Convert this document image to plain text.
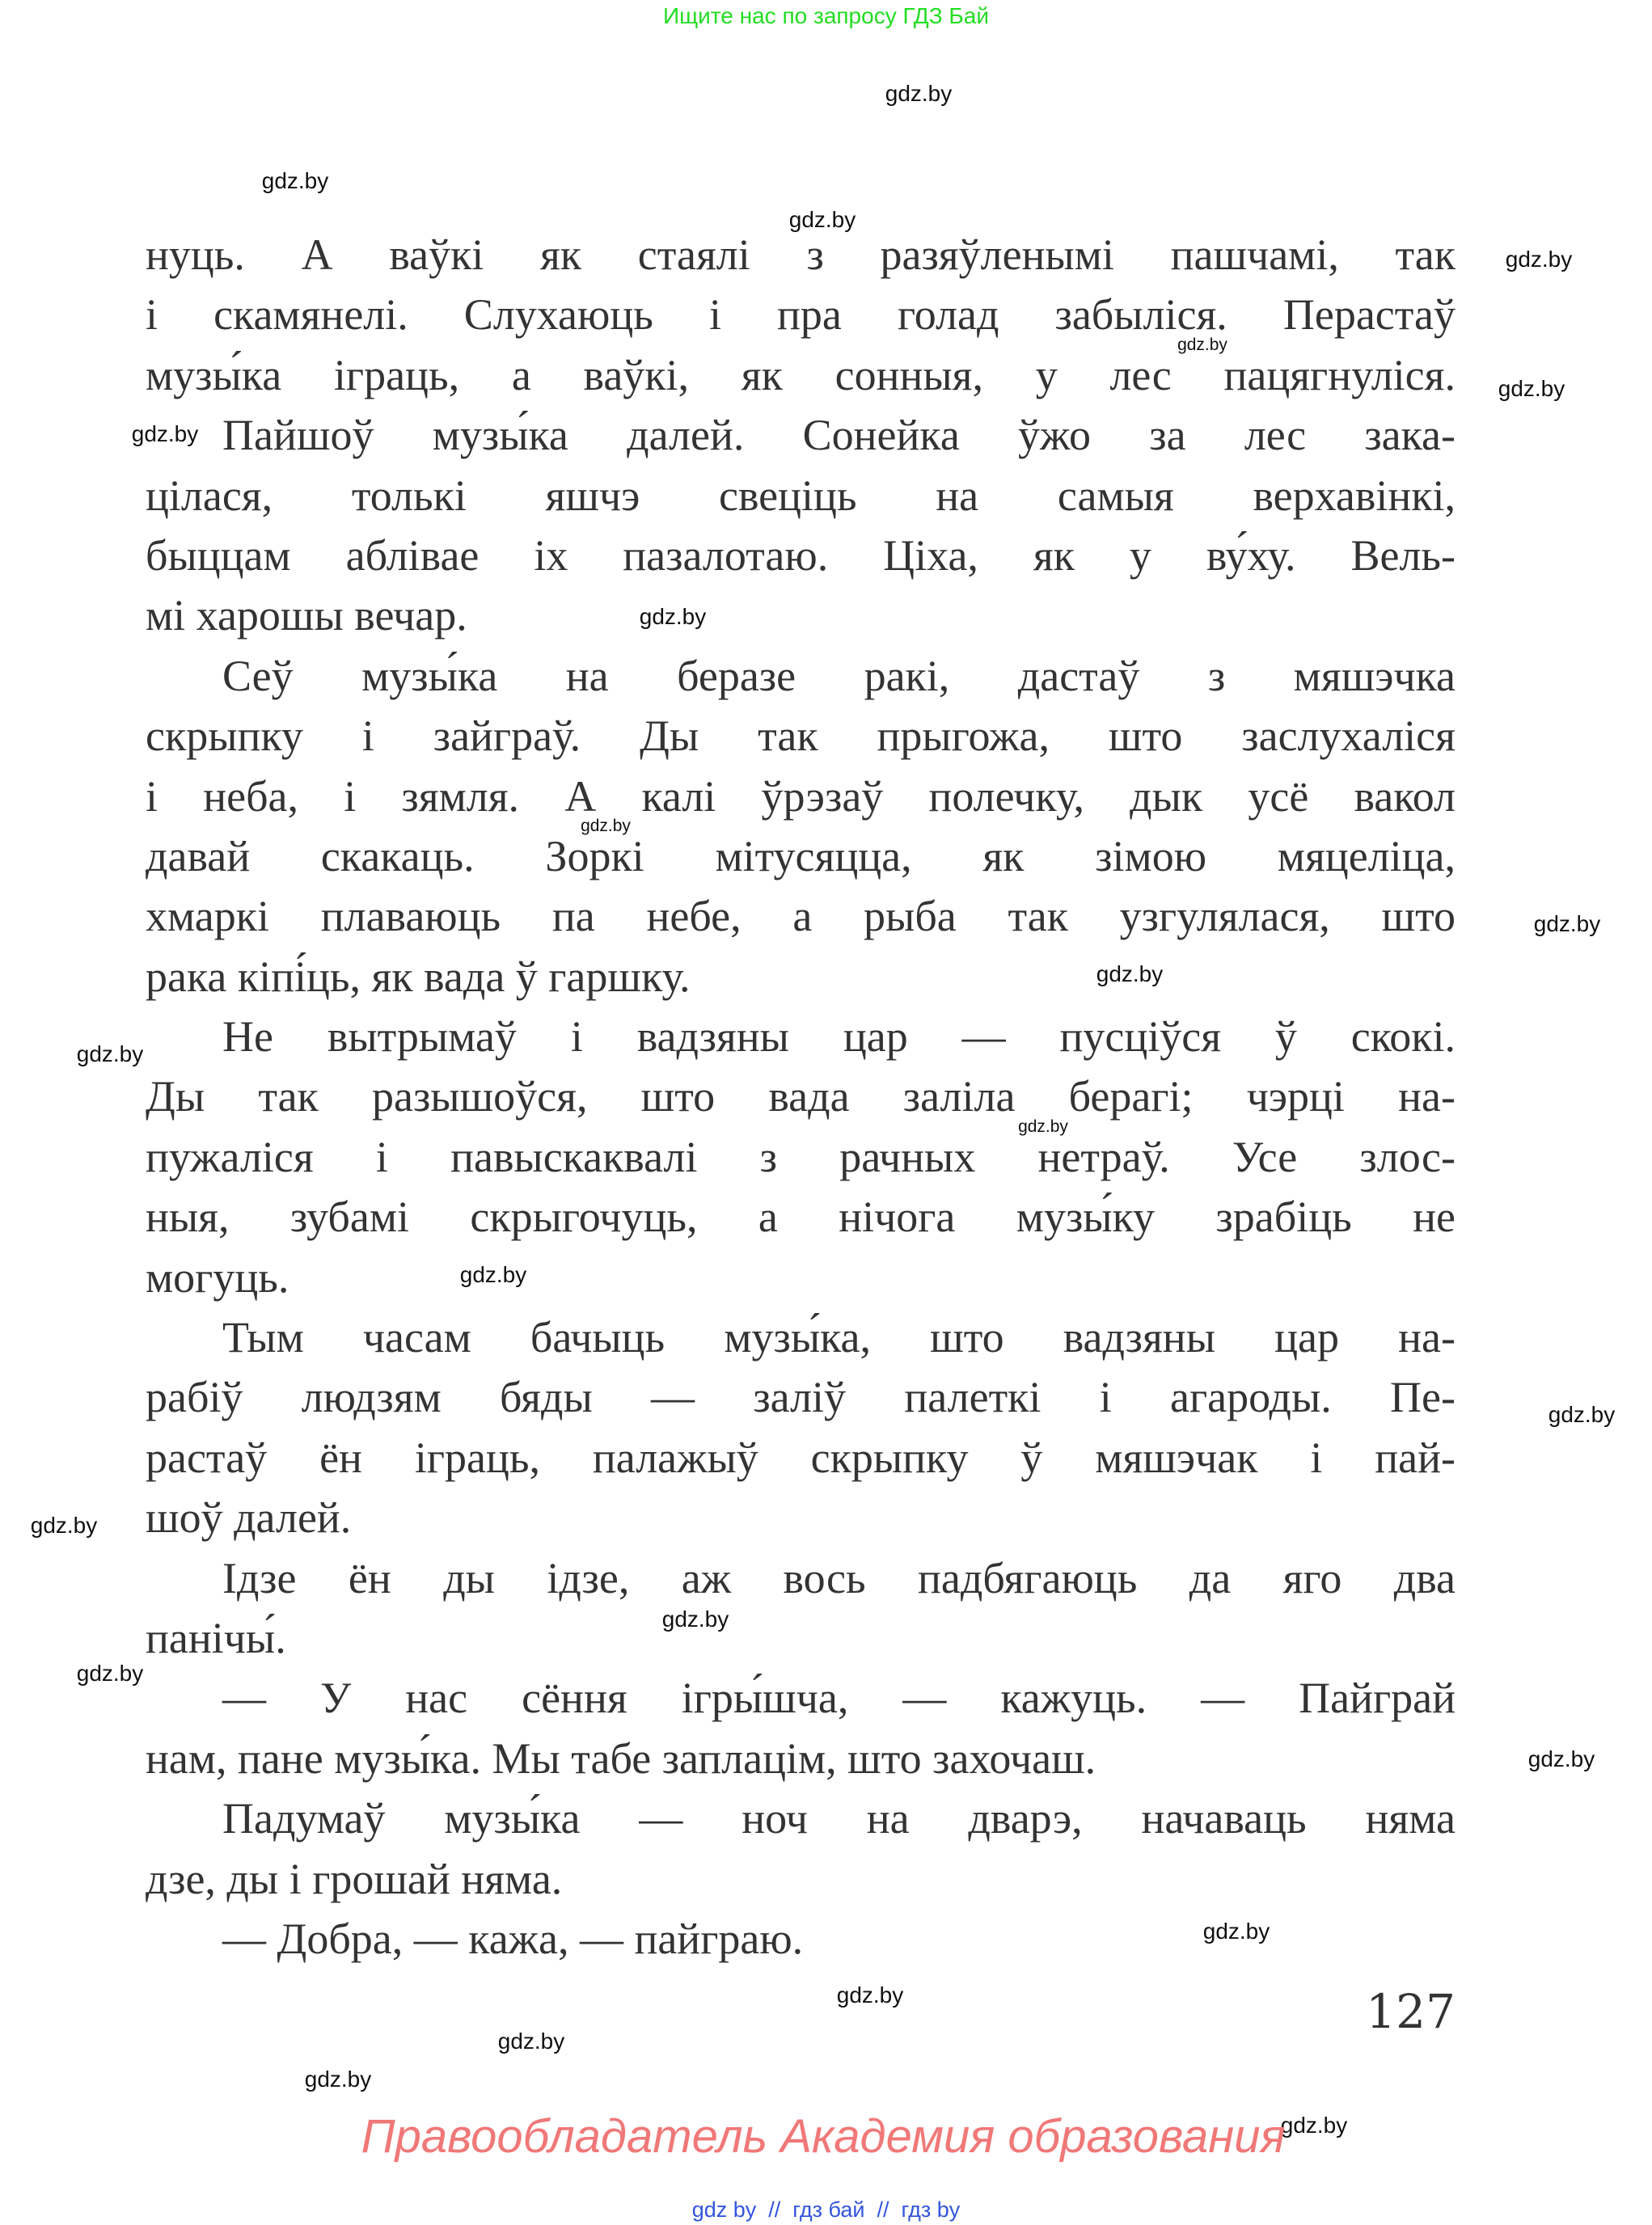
Ищите нас по запросу ГДЗ Бай
нуць. А ваўкі як стаялі з разяўленымі пашчамі, так
і скамянелі. Слухаюць і пра голад забыліся. Перастаў
музы́ка іграць, а ваўкі, як сонныя, у лес пацягнуліся.
Пайшоў музы́ка далей. Сонейка ўжо за лес зака-
цілася, толькі яшчэ свеціць на самыя верхавінкі,
быццам аблівае іх пазалотаю. Ціха, як у ву́ху. Вель-
мі харошы вечар.
Сеў музы́ка на беразе ракі, дастаў з мяшэчка
скрыпку і зайграў. Ды так прыгожа, што заслухаліся
і неба, і зямля. А калі ўрэзаў полечку, дык усё вакол
давай скакаць. Зоркі мітусяцца, як зімою мяцеліца,
хмаркі плаваюць па небе, а рыба так узгулялася, што
рака кіпі́ць, як вада ў гаршку.
Не вытрымаў і вадзяны цар — пусціўся ў скокі.
Ды так разышоўся, што вада заліла берагі; чэрці на-
пужаліся і павыскаквалі з рачных нетраў. Усе злос-
ныя, зубамі скрыгочуць, а нічога музы́ку зрабіць не
могуць.
Тым часам бачыць музы́ка, што вадзяны цар на-
рабіў людзям бяды — заліў палеткі і агароды. Пе-
растаў ён іграць, палажыў скрыпку ў мяшэчак і пай-
шоў далей.
Ідзе ён ды ідзе, аж вось падбягаюць да яго два
панічы́.
— У нас сёння ігры́шча, — кажуць. — Пайграй
нам, пане музы́ка. Мы табе заплацім, што захочаш.
Падумаў музы́ка — ноч на дварэ, начаваць няма
дзе, ды і грошай няма.
— Добра, — кажа, — пайграю.
gdz.by
gdz.by
gdz.by
gdz.by
gdz.by
gdz.by
gdz.by
gdz.by
gdz.by
gdz.by
gdz.by
gdz.by
gdz.by
gdz.by
gdz.by
gdz.by
gdz.by
gdz.by
gdz.by
gdz.by
gdz.by
gdz.by
gdz.by
gdz.by
127
Правообладатель Академия образования
gdz by  //  гдз бай  //  гдз by
